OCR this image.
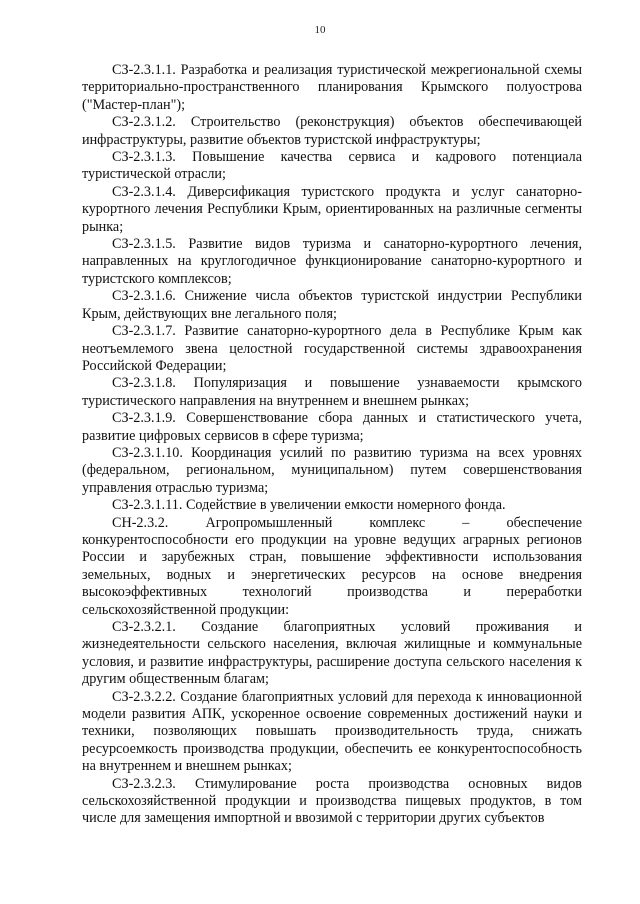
10

СЗ-2.3.1.1. Разработка и реализация туристической межрегиональной схемы территориально-пространственного планирования Крымского полуострова ("Мастер-план");

СЗ-2.3.1.2. Строительство (реконструкция) объектов обеспечивающей инфраструктуры, развитие объектов туристской инфраструктуры;

СЗ-2.3.1.3. Повышение качества сервиса и кадрового потенциала туристической отрасли;

СЗ-2.3.1.4. Диверсификация туристского продукта и услуг санаторно-курортного лечения Республики Крым, ориентированных на различные сегменты рынка;

СЗ-2.3.1.5. Развитие видов туризма и санаторно-курортного лечения, направленных на круглогодичное функционирование санаторно-курортного и туристского комплексов;

СЗ-2.3.1.6. Снижение числа объектов туристской индустрии Республики Крым, действующих вне легального поля;

СЗ-2.3.1.7. Развитие санаторно-курортного дела в Республике Крым как неотъемлемого звена целостной государственной системы здравоохранения Российской Федерации;

СЗ-2.3.1.8. Популяризация и повышение узнаваемости крымского туристического направления на внутреннем и внешнем рынках;

СЗ-2.3.1.9. Совершенствование сбора данных и статистического учета, развитие цифровых сервисов в сфере туризма;

СЗ-2.3.1.10. Координация усилий по развитию туризма на всех уровнях (федеральном, региональном, муниципальном) путем совершенствования управления отраслью туризма;

СЗ-2.3.1.11. Содействие в увеличении емкости номерного фонда.

СН-2.3.2. Агропромышленный комплекс – обеспечение конкурентоспособности его продукции на уровне ведущих аграрных регионов России и зарубежных стран, повышение эффективности использования земельных, водных и энергетических ресурсов на основе внедрения высокоэффективных технологий производства и переработки сельскохозяйственной продукции:

СЗ-2.3.2.1. Создание благоприятных условий проживания и жизнедеятельности сельского населения, включая жилищные и коммунальные условия, и развитие инфраструктуры, расширение доступа сельского населения к другим общественным благам;

СЗ-2.3.2.2. Создание благоприятных условий для перехода к инновационной модели развития АПК, ускоренное освоение современных достижений науки и техники, позволяющих повышать производительность труда, снижать ресурсоемкость производства продукции, обеспечить ее конкурентоспособность на внутреннем и внешнем рынках;

СЗ-2.3.2.3. Стимулирование роста производства основных видов сельскохозяйственной продукции и производства пищевых продуктов, в том числе для замещения импортной и ввозимой с территории других субъектов
